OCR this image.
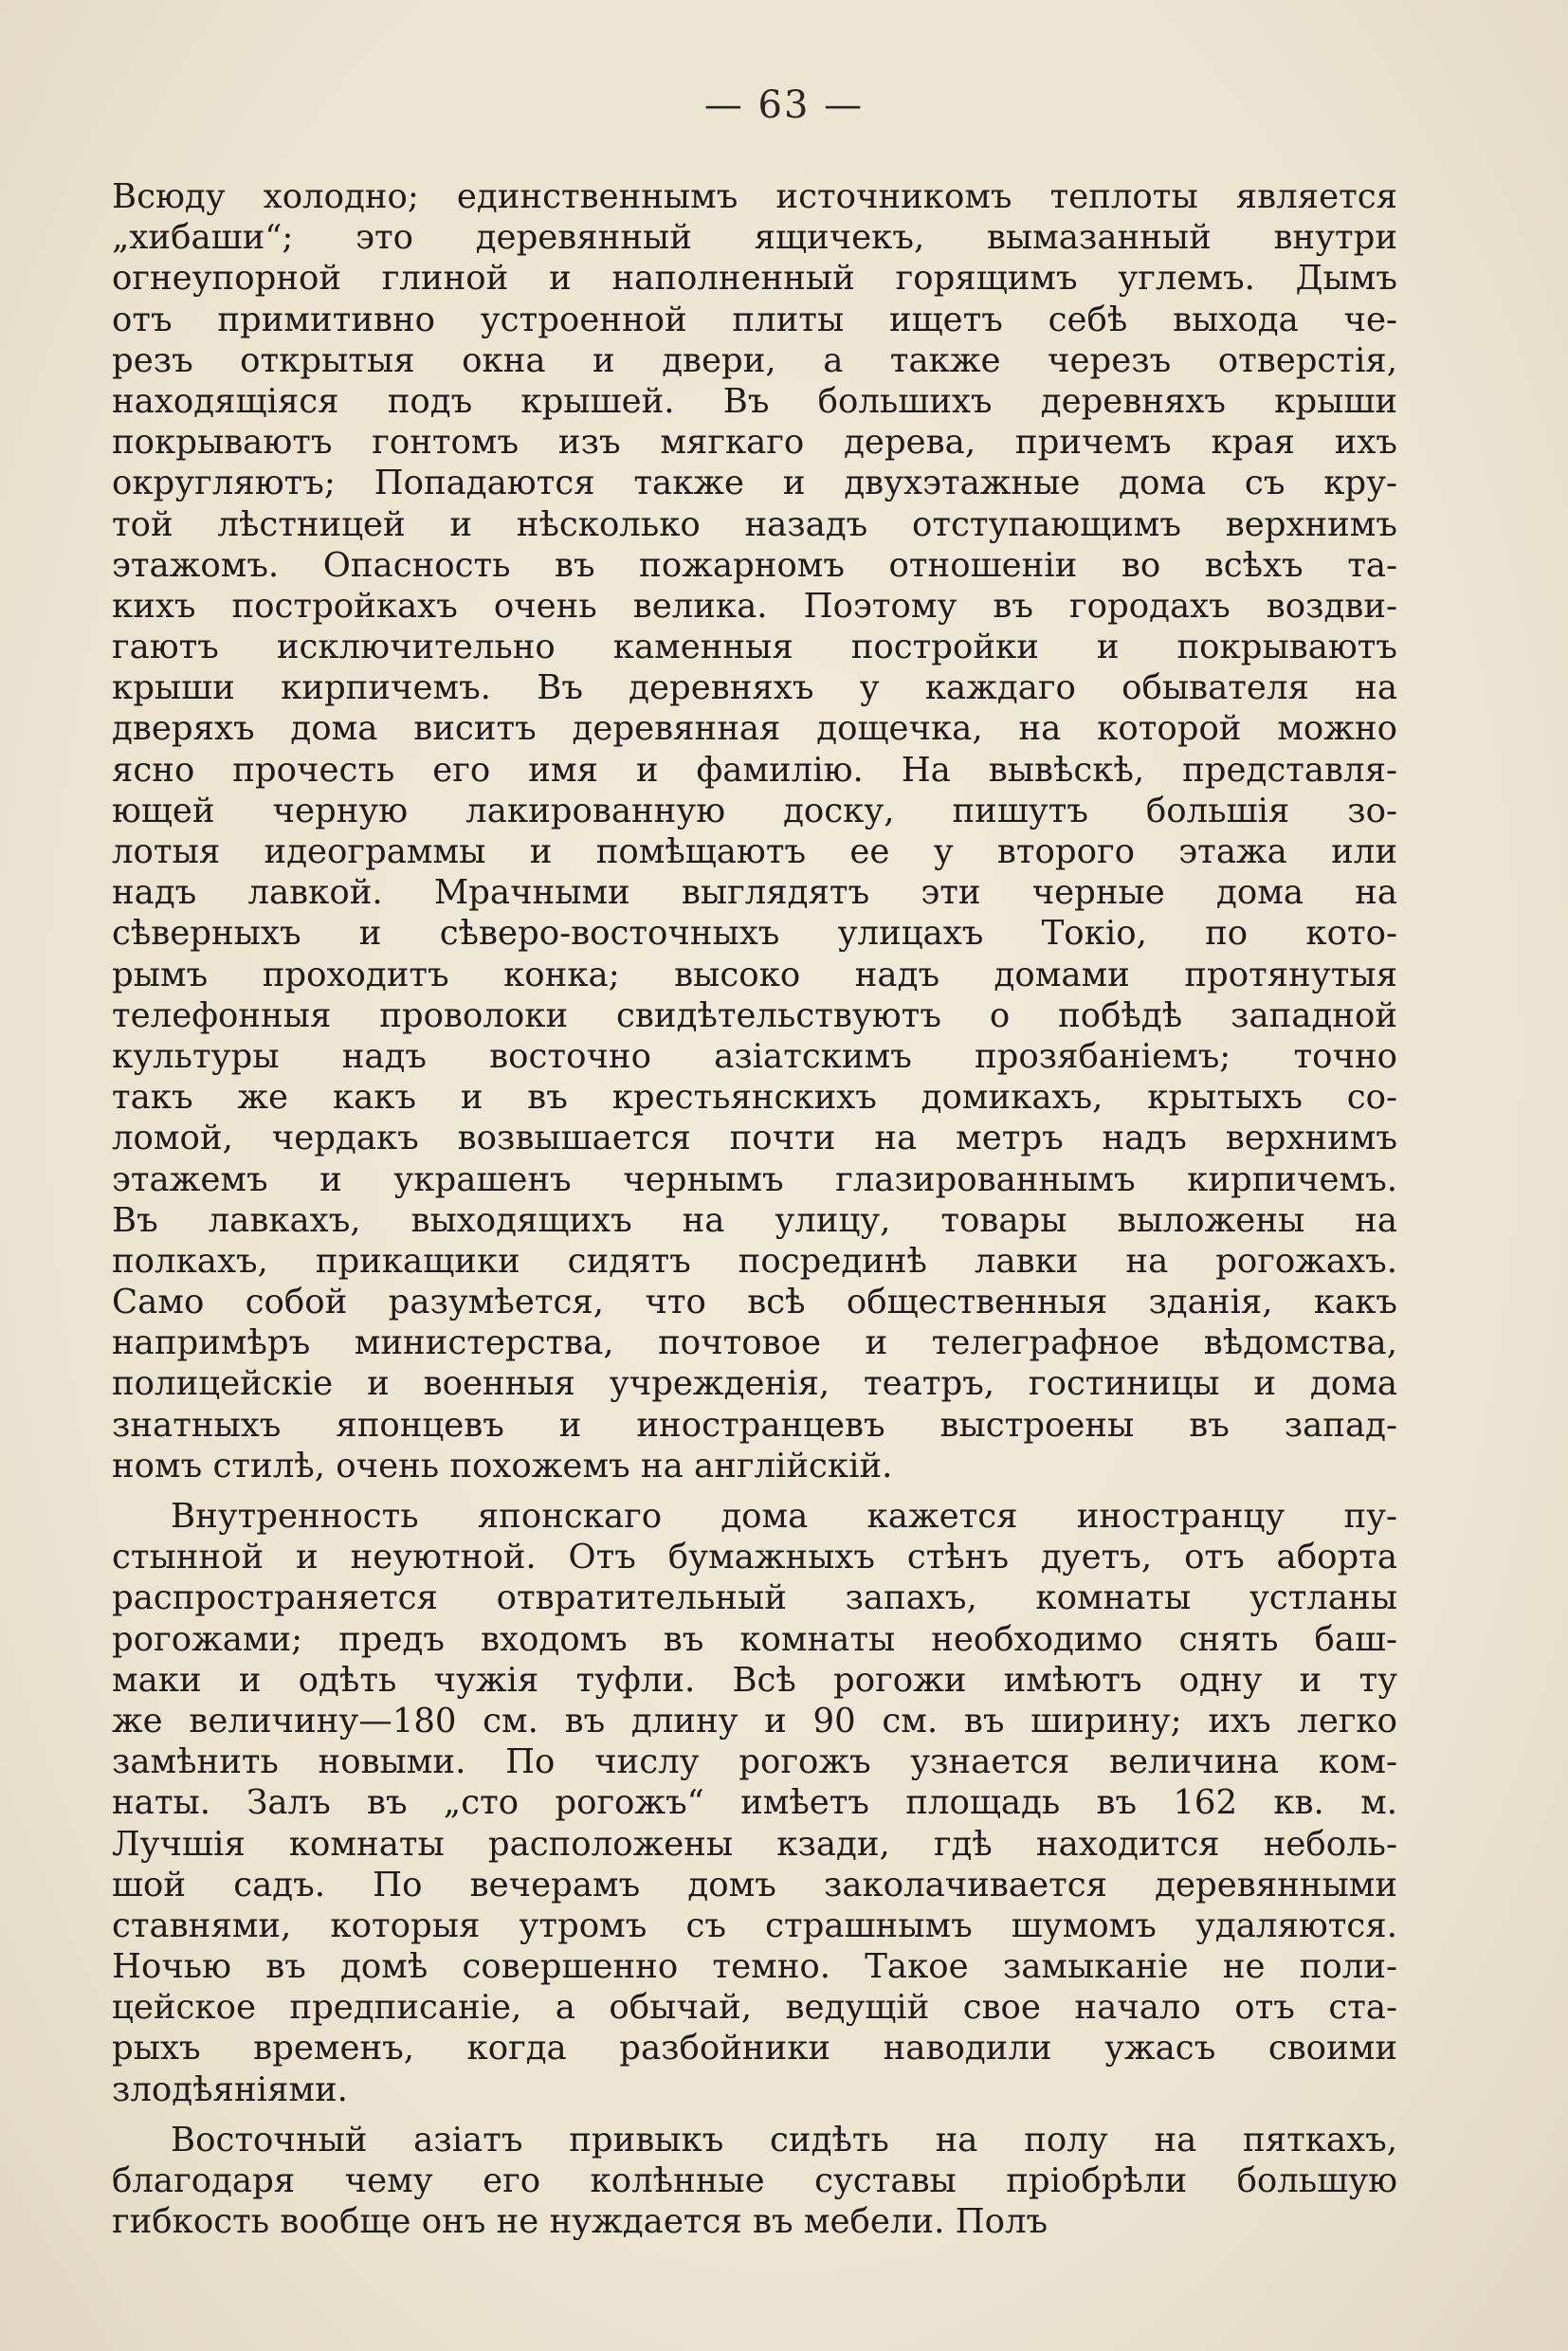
— 63 —
Всюду холодно; единственнымъ источникомъ теплоты является
„хибаши“; это деревянный ящичекъ, вымазанный внутри
огнеупорной глиной и наполненный горящимъ углемъ. Дымъ
отъ примитивно устроенной плиты ищетъ себѣ выхода че-
резъ открытыя окна и двери, а также черезъ отверстія,
находящіяся подъ крышей. Въ большихъ деревняхъ крыши
покрываютъ гонтомъ изъ мягкаго дерева, причемъ края ихъ
округляютъ; Попадаются также и двухэтажные дома съ кру-
той лѣстницей и нѣсколько назадъ отступающимъ верхнимъ
этажомъ. Опасность въ пожарномъ отношеніи во всѣхъ та-
кихъ постройкахъ очень велика. Поэтому въ городахъ воздви-
гаютъ исключительно каменныя постройки и покрываютъ
крыши кирпичемъ. Въ деревняхъ у каждаго обывателя на
дверяхъ дома виситъ деревянная дощечка, на которой можно
ясно прочесть его имя и фамилію. На вывѣскѣ, представля-
ющей черную лакированную доску, пишутъ большія зо-
лотыя идеограммы и помѣщаютъ ее у второго этажа или
надъ лавкой. Мрачными выглядятъ эти черные дома на
сѣверныхъ и сѣверо-восточныхъ улицахъ Токіо, по кото-
рымъ проходитъ конка; высоко надъ домами протянутыя
телефонныя проволоки свидѣтельствуютъ о побѣдѣ западной
культуры надъ восточно азіатскимъ прозябаніемъ; точно
такъ же какъ и въ крестьянскихъ домикахъ, крытыхъ со-
ломой, чердакъ возвышается почти на метръ надъ верхнимъ
этажемъ и украшенъ чернымъ глазированнымъ кирпичемъ.
Въ лавкахъ, выходящихъ на улицу, товары выложены на
полкахъ, прикащики сидятъ посрединѣ лавки на рогожахъ.
Само собой разумѣется, что всѣ общественныя зданія, какъ
напримѣръ министерства, почтовое и телеграфное вѣдомства,
полицейскіе и военныя учрежденія, театръ, гостиницы и дома
знатныхъ японцевъ и иностранцевъ выстроены въ запад-
номъ стилѣ, очень похожемъ на англійскій.
Внутренность японскаго дома кажется иностранцу пу-
стынной и неуютной. Отъ бумажныхъ стѣнъ дуетъ, отъ аборта
распространяется отвратительный запахъ, комнаты устланы
рогожами; предъ входомъ въ комнаты необходимо снять баш-
маки и одѣть чужія туфли. Всѣ рогожи имѣютъ одну и ту
же величину—180 см. въ длину и 90 см. въ ширину; ихъ легко
замѣнить новыми. По числу рогожъ узнается величина ком-
наты. Залъ въ „сто рогожъ“ имѣетъ площадь въ 162 кв. м.
Лучшія комнаты расположены кзади, гдѣ находится неболь-
шой садъ. По вечерамъ домъ заколачивается деревянными
ставнями, которыя утромъ съ страшнымъ шумомъ удаляются.
Ночью въ домѣ совершенно темно. Такое замыканіе не поли-
цейское предписаніе, а обычай, ведущій свое начало отъ ста-
рыхъ временъ, когда разбойники наводили ужасъ своими
злодѣяніями.
Восточный азіатъ привыкъ сидѣть на полу на пяткахъ,
благодаря чему его колѣнные суставы пріобрѣли большую
гибкость вообще онъ не нуждается въ мебели. Полъ
